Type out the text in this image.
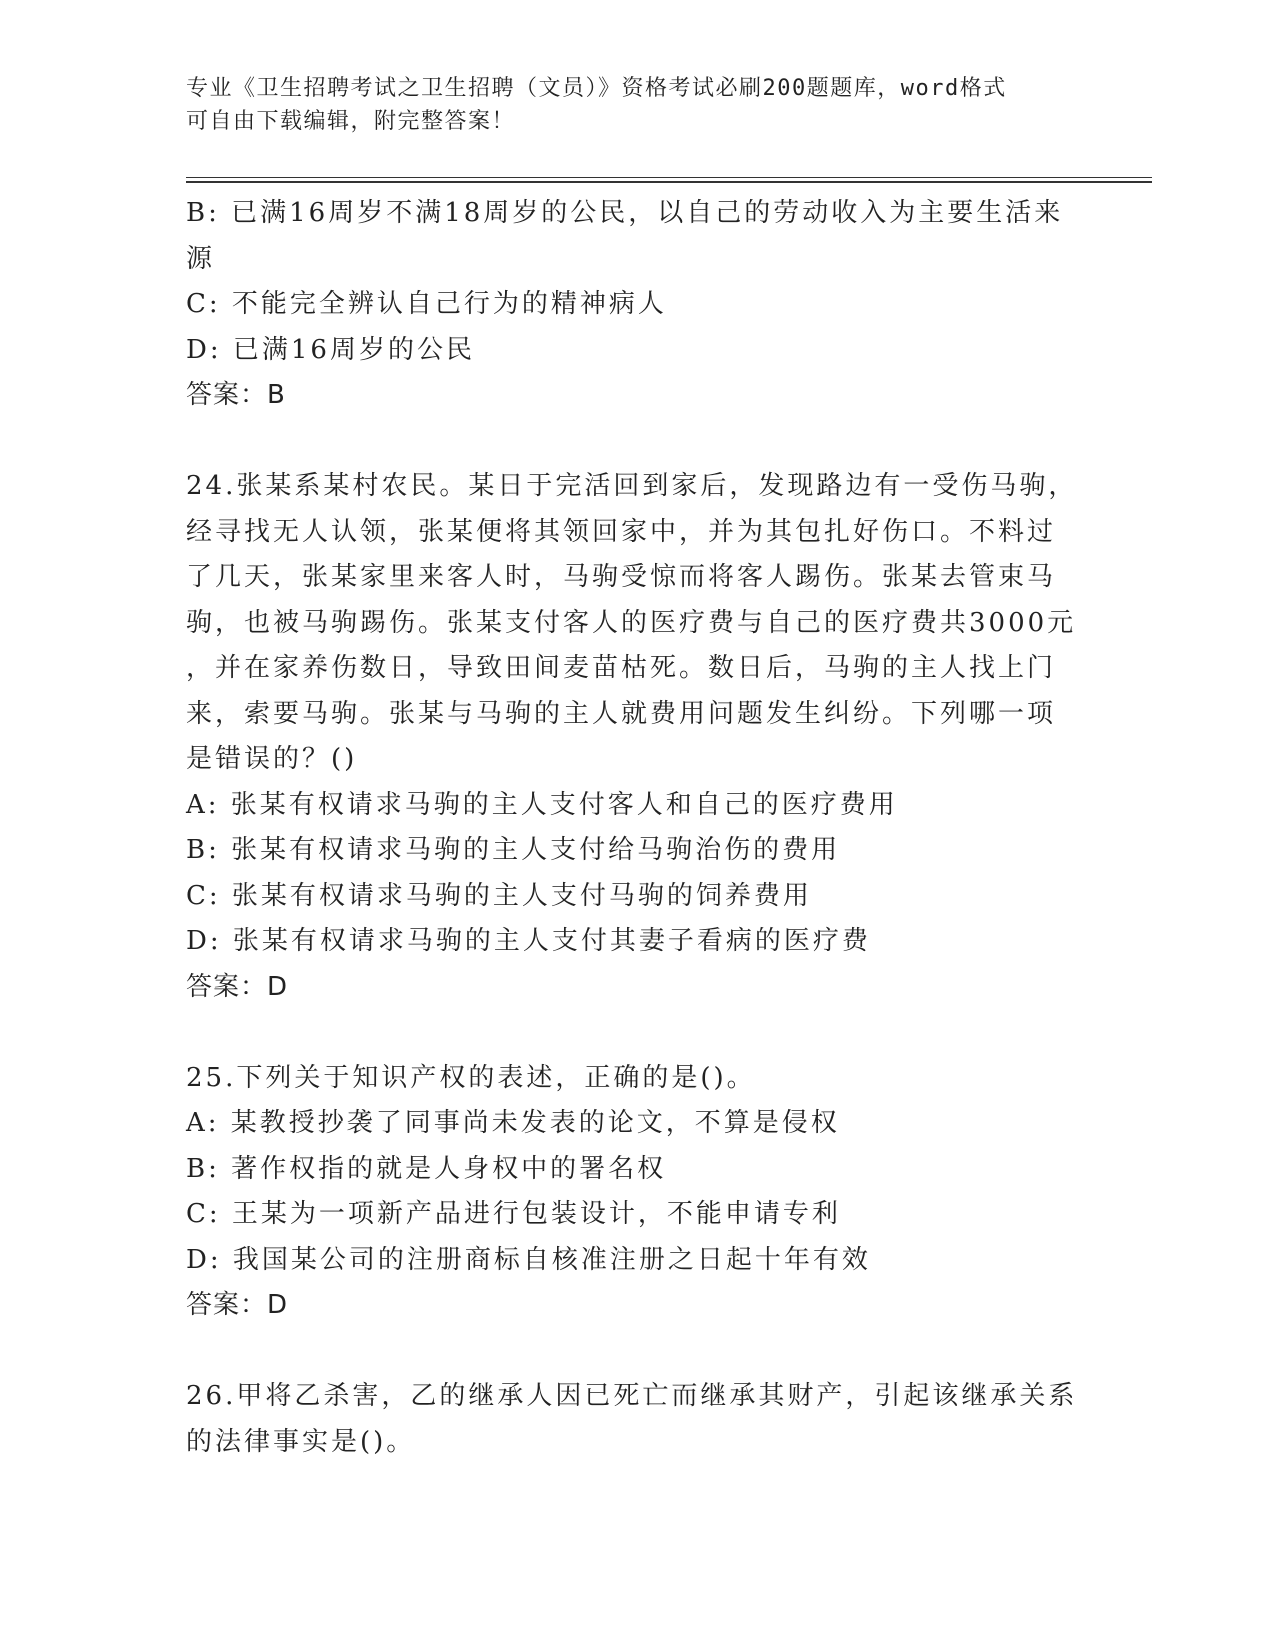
专业《卫生招聘考试之卫生招聘（文员）》资格考试必刷200题题库，word格式
可自由下载编辑，附完整答案！
B: 已满16周岁不满18周岁的公民，以自己的劳动收入为主要生活来
源
C: 不能完全辨认自己行为的精神病人
D: 已满16周岁的公民
答案：B
24.张某系某村农民。某日于完活回到家后，发现路边有一受伤马驹，
经寻找无人认领，张某便将其领回家中，并为其包扎好伤口。不料过
了几天，张某家里来客人时，马驹受惊而将客人踢伤。张某去管束马
驹，也被马驹踢伤。张某支付客人的医疗费与自己的医疗费共3000元
，并在家养伤数日，导致田间麦苗枯死。数日后，马驹的主人找上门
来，索要马驹。张某与马驹的主人就费用问题发生纠纷。下列哪一项
是错误的？()
A: 张某有权请求马驹的主人支付客人和自己的医疗费用
B: 张某有权请求马驹的主人支付给马驹治伤的费用
C: 张某有权请求马驹的主人支付马驹的饲养费用
D: 张某有权请求马驹的主人支付其妻子看病的医疗费
答案：D
25.下列关于知识产权的表述，正确的是()。
A: 某教授抄袭了同事尚未发表的论文，不算是侵权
B: 著作权指的就是人身权中的署名权
C: 王某为一项新产品进行包装设计，不能申请专利
D: 我国某公司的注册商标自核准注册之日起十年有效
答案：D
26.甲将乙杀害，乙的继承人因已死亡而继承其财产，引起该继承关系
的法律事实是()。
